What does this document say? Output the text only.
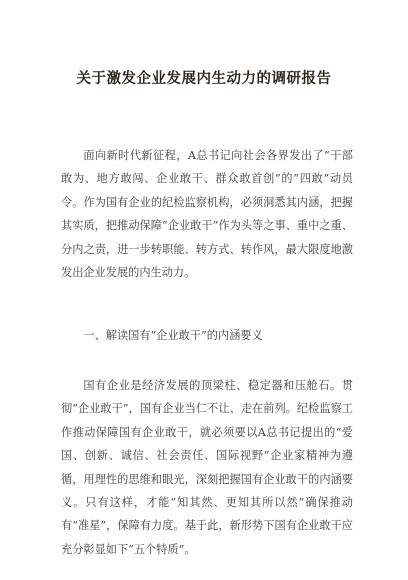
关于激发企业发展内生动力的调研报告

面向新时代新征程，A总书记向社会各界发出了“干部敢为、地方敢闯、企业敢干、群众敢首创”的“四敢”动员令。作为国有企业的纪检监察机构，必须洞悉其内涵，把握其实质，把推动保障“企业敢干”作为头等之事、重中之重、分内之责，进一步转职能、转方式、转作风，最大限度地激发出企业发展的内生动力。

一、解读国有“企业敢干”的内涵要义

国有企业是经济发展的顶梁柱、稳定器和压舱石。贯彻“企业敢干”，国有企业当仁不让、走在前列。纪检监察工作推动保障国有企业敢干，就必须要以A总书记提出的“爱国、创新、诚信、社会责任、国际视野”企业家精神为遵循，用理性的思维和眼光，深刻把握国有企业敢干的内涵要义。只有这样，才能“知其然、更知其所以然”确保推动有“准星”，保障有力度。基于此，新形势下国有企业敢干应充分彰显如下“五个特质”。
